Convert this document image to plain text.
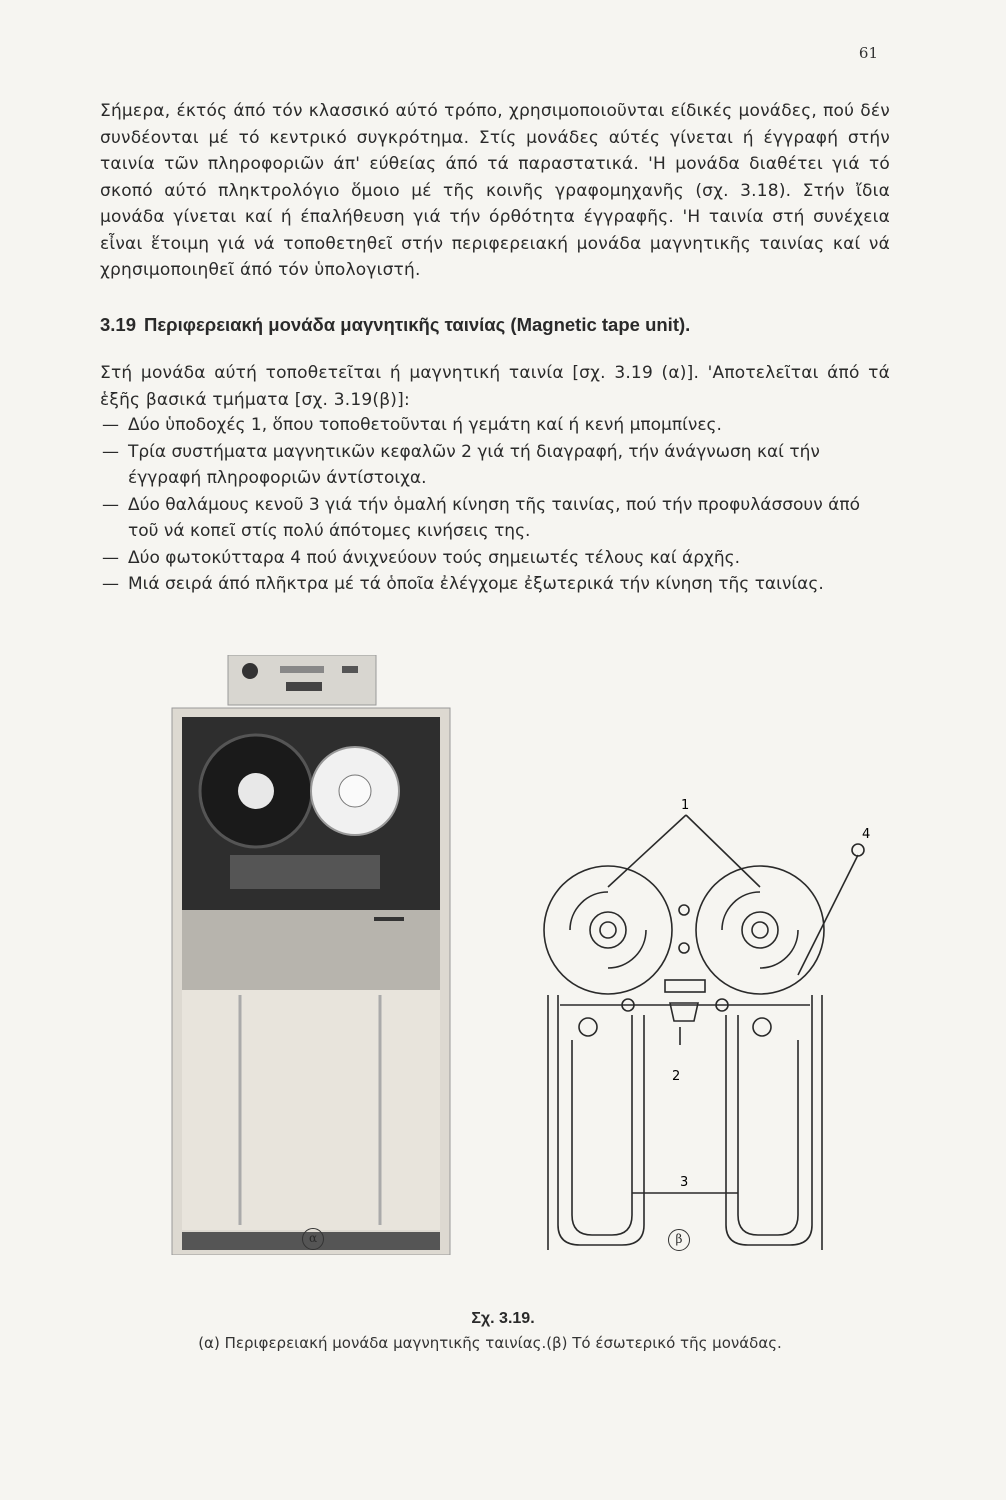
61

Σήμερα, έκτός άπό τόν κλασσικό αύτό τρόπο, χρησιμοποιοῦνται είδικές μονάδες, πού δέν συνδέονται μέ τό κεντρικό συγκρότημα. Στίς μονάδες αύτές γίνεται ή έγγραφή στήν ταινία τῶν πληροφοριῶν άπ' εύθείας άπό τά παραστατικά. 'Η μονάδα διαθέτει γιά τό σκοπό αύτό πληκτρολόγιο ὅμοιο μέ τῆς κοινῆς γραφομηχανῆς (σχ. 3.18). Στήν ἴδια μονάδα γίνεται καί ή έπαλήθευση γιά τήν όρθότητα έγγραφῆς. 'Η ταινία στή συνέχεια εἶναι ἕτοιμη γιά νά τοποθετηθεῖ στήν περιφερειακή μονάδα μαγνητικῆς ταινίας καί νά χρησιμοποιηθεῖ άπό τόν ὑπολογιστή.

3.19 Περιφερειακή μονάδα μαγνητικῆς ταινίας (Magnetic tape unit).

Στή μονάδα αύτή τοποθετεῖται ή μαγνητική ταινία [σχ. 3.19 (α)]. 'Αποτελεῖται άπό τά ἑξῆς βασικά τμήματα [σχ. 3.19(β)]:

— Δύο ὑποδοχές 1, ὅπου τοποθετοῦνται ή γεμάτη καί ή κενή μπομπίνες.
— Τρία συστήματα μαγνητικῶν κεφαλῶν 2 γιά τή διαγραφή, τήν άνάγνωση καί τήν έγγραφή πληροφοριῶν άντίστοιχα.
— Δύο θαλάμους κενοῦ 3 γιά τήν ὁμαλή κίνηση τῆς ταινίας, πού τήν προφυλάσσουν άπό τοῦ νά κοπεῖ στίς πολύ άπότομες κινήσεις της.
— Δύο φωτοκύτταρα 4 πού άνιχνεύουν τούς σημειωτές τέλους καί άρχῆς.
— Μιά σειρά άπό πλῆκτρα μέ τά ὁποῖα ἐλέγχομε ἐξωτερικά τήν κίνηση τῆς ταινίας.
α
1
4
2
3
β
Σχ. 3.19.
(α) Περιφερειακή μονάδα μαγνητικῆς ταινίας.(β) Τό έσωτερικό τῆς μονάδας.
